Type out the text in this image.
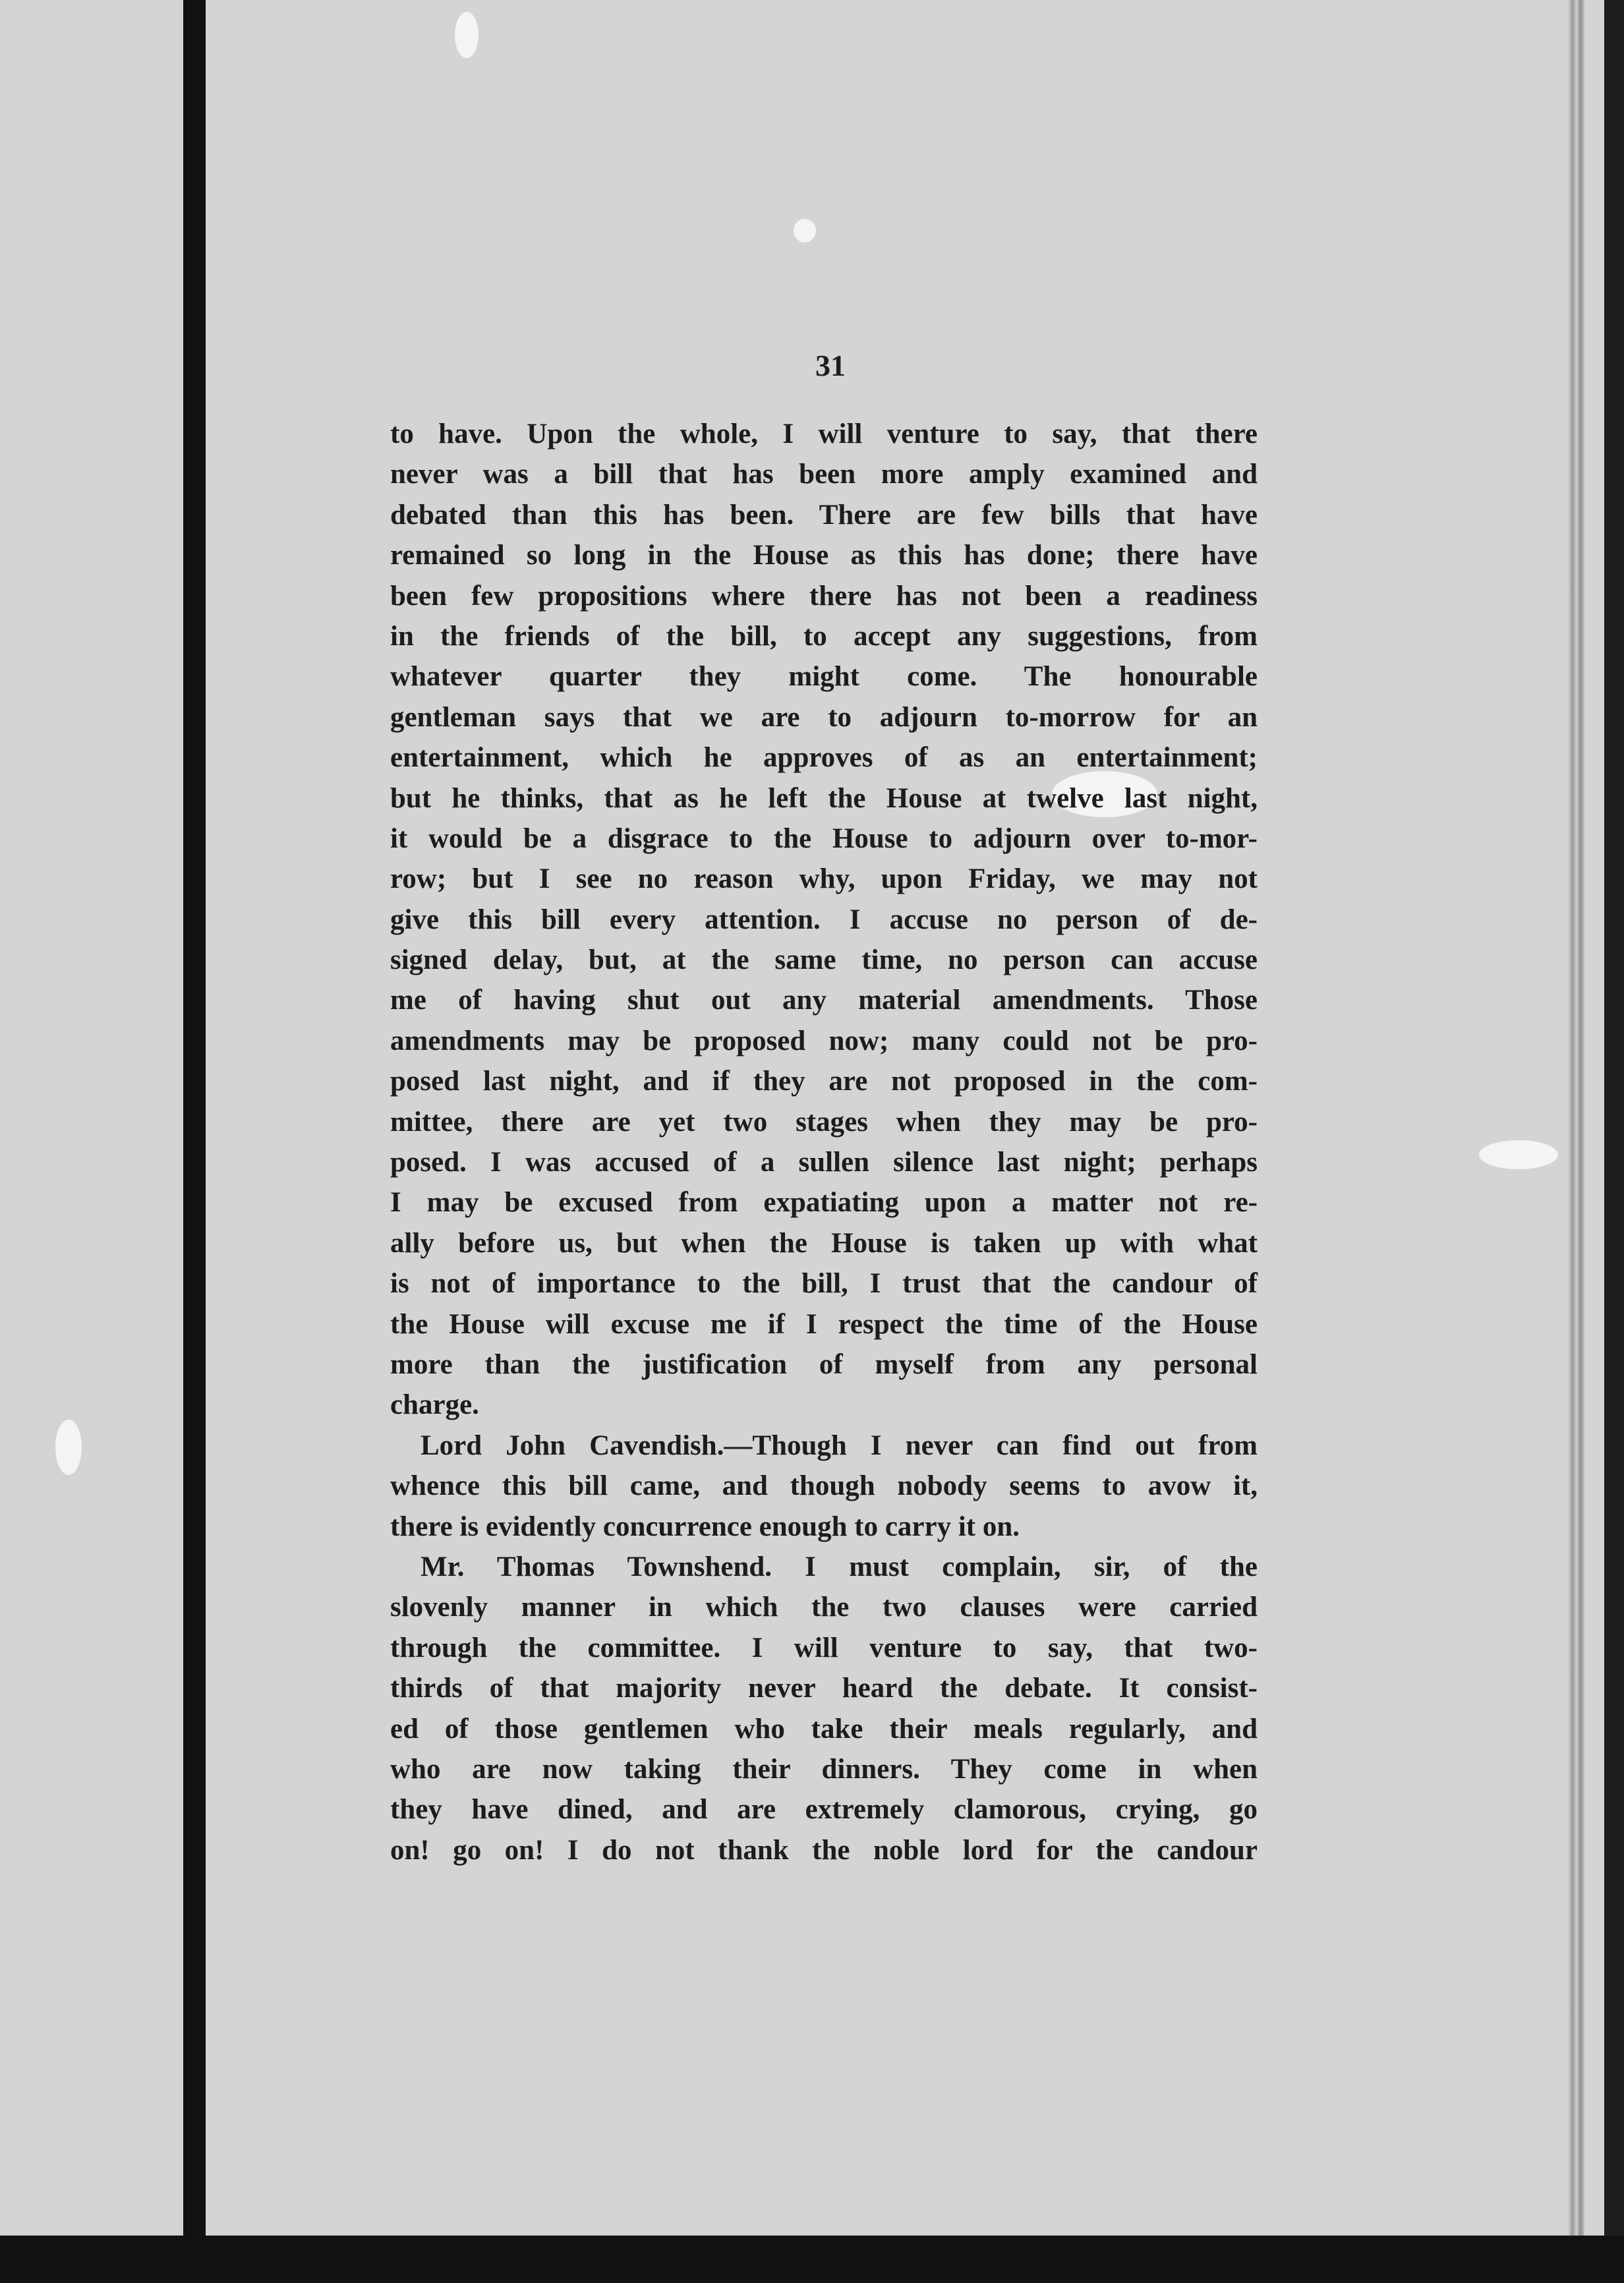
31
to have. Upon the whole, I will venture to say, that there
never was a bill that has been more amply examined and
debated than this has been. There are few bills that have
remained so long in the House as this has done; there have
been few propositions where there has not been a readiness
in the friends of the bill, to accept any suggestions, from
whatever quarter they might come. The honourable
gentleman says that we are to adjourn to-morrow for an
entertainment, which he approves of as an entertainment;
but he thinks, that as he left the House at twelve last night,
it would be a disgrace to the House to adjourn over to-mor-
row; but I see no reason why, upon Friday, we may not
give this bill every attention. I accuse no person of de-
signed delay, but, at the same time, no person can accuse
me of having shut out any material amendments. Those
amendments may be proposed now; many could not be pro-
posed last night, and if they are not proposed in the com-
mittee, there are yet two stages when they may be pro-
posed. I was accused of a sullen silence last night; perhaps
I may be excused from expatiating upon a matter not re-
ally before us, but when the House is taken up with what
is not of importance to the bill, I trust that the candour of
the House will excuse me if I respect the time of the House
more than the justification of myself from any personal
charge.
Lord John Cavendish.—Though I never can find out from
whence this bill came, and though nobody seems to avow it,
there is evidently concurrence enough to carry it on.
Mr. Thomas Townshend. I must complain, sir, of the
slovenly manner in which the two clauses were carried
through the committee. I will venture to say, that two-
thirds of that majority never heard the debate. It consist-
ed of those gentlemen who take their meals regularly, and
who are now taking their dinners. They come in when
they have dined, and are extremely clamorous, crying, go
on! go on! I do not thank the noble lord for the candour
